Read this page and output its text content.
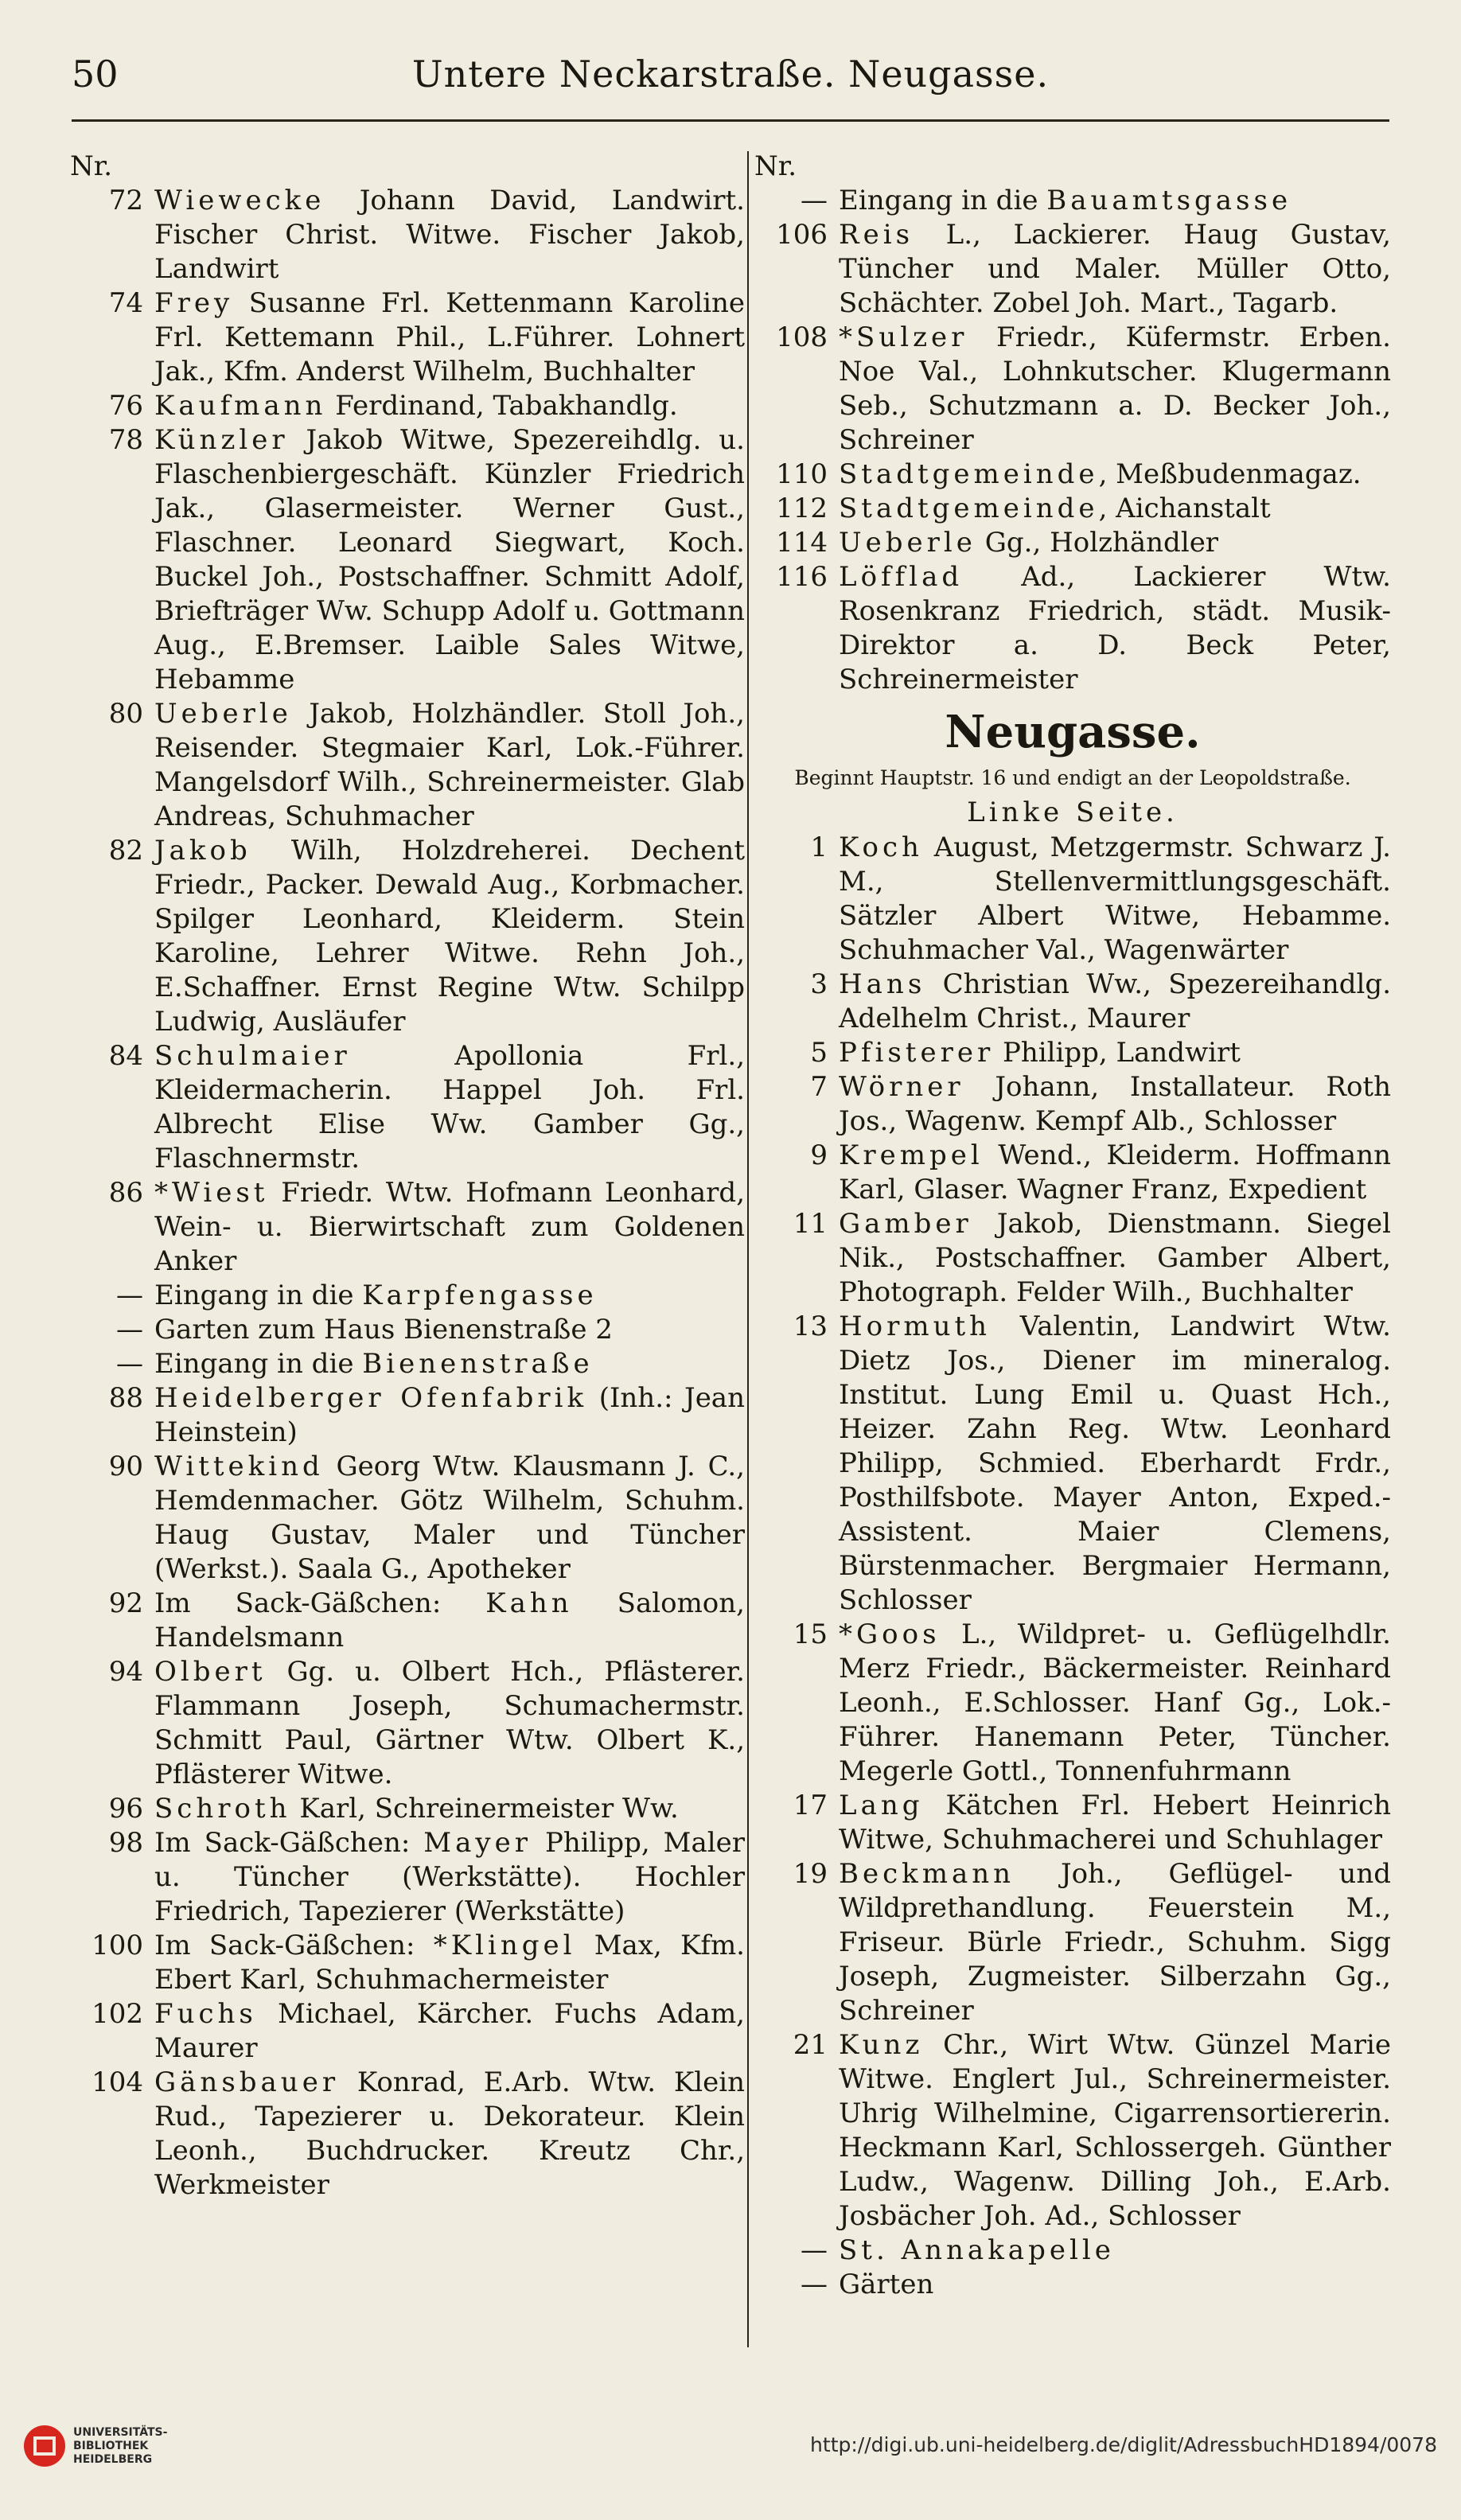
50	Untere Neckarstraße. Neugasse.
Nr.
72 Wiewecke Johann David, Landwirt. Fischer Christ. Witwe. Fischer Jakob, Landwirt
74 Frey Susanne Frl. Kettenmann Karoline Frl. Kettemann Phil., L.Führer. Lohnert Jak., Kfm. Anderst Wilhelm, Buchhalter
76 Kaufmann Ferdinand, Tabakhandlg.
78 Künzler Jakob Witwe, Spezereihdlg. u. Flaschenbiergeschäft. Künzler Friedrich Jak., Glasermeister. Werner Gust., Flaschner. Leonard Siegwart, Koch. Buckel Joh., Postschaffner. Schmitt Adolf, Briefträger Ww. Schupp Adolf u. Gottmann Aug., E.Bremser. Laible Sales Witwe, Hebamme
80 Ueberle Jakob, Holzhändler. Stoll Joh., Reisender. Stegmaier Karl, Lok.-Führer. Mangelsdorf Wilh., Schreinermeister. Glab Andreas, Schuhmacher
82 Jakob Wilh, Holzdreherei. Dechent Friedr., Packer. Dewald Aug., Korbmacher. Spilger Leonhard, Kleiderm. Stein Karoline, Lehrer Witwe. Rehn Joh., E.Schaffner. Ernst Regine Wtw. Schilpp Ludwig, Ausläufer
84 Schulmaier Apollonia Frl., Kleidermacherin. Happel Joh. Frl. Albrecht Elise Ww. Gamber Gg., Flaschnermstr.
86 *Wiest Friedr. Wtw. Hofmann Leonhard, Wein- u. Bierwirtschaft zum Goldenen Anker
— Eingang in die Karpfengasse
— Garten zum Haus Bienenstraße 2
— Eingang in die Bienenstraße
88 Heidelberger Ofenfabrik (Inh.: Jean Heinstein)
90 Wittekind Georg Wtw. Klausmann J. C., Hemdenmacher. Götz Wilhelm, Schuhm. Haug Gustav, Maler und Tüncher (Werkst.). Saala G., Apotheker
92 Im Sack-Gäßchen: Kahn Salomon, Handelsmann
94 Olbert Gg. u. Olbert Hch., Pflästerer. Flammann Joseph, Schumachermstr. Schmitt Paul, Gärtner Wtw. Olbert K., Pflästerer Witwe.
96 Schroth Karl, Schreinermeister Ww.
98 Im Sack-Gäßchen: Mayer Philipp, Maler u. Tüncher (Werkstätte). Hochler Friedrich, Tapezierer (Werkstätte)
100 Im Sack-Gäßchen: *Klingel Max, Kfm. Ebert Karl, Schuhmachermeister
102 Fuchs Michael, Kärcher. Fuchs Adam, Maurer
104 Gänsbauer Konrad, E.Arb. Wtw. Klein Rud., Tapezierer u. Dekorateur. Klein Leonh., Buchdrucker. Kreutz Chr., Werkmeister
Nr.
— Eingang in die Bauamtsgasse
106 Reis L., Lackierer. Haug Gustav, Tüncher und Maler. Müller Otto, Schächter. Zobel Joh. Mart., Tagarb.
108 *Sulzer Friedr., Küfermstr. Erben. Noe Val., Lohnkutscher. Klugermann Seb., Schutzmann a. D. Becker Joh., Schreiner
110 Stadtgemeinde, Meßbudenmagaz.
112 Stadtgemeinde, Aichanstalt
114 Ueberle Gg., Holzhändler
116 Löfflad Ad., Lackierer Wtw. Rosenkranz Friedrich, städt. Musik-Direktor a. D. Beck Peter, Schreinermeister
Neugasse.
Beginnt Hauptstr. 16 und endigt an der Leopoldstraße.
Linke Seite.
1 Koch August, Metzgermstr. Schwarz J. M., Stellenvermittlungsgeschäft. Sätzler Albert Witwe, Hebamme. Schuhmacher Val., Wagenwärter
3 Hans Christian Ww., Spezereihandlg. Adelhelm Christ., Maurer
5 Pfisterer Philipp, Landwirt
7 Wörner Johann, Installateur. Roth Jos., Wagenw. Kempf Alb., Schlosser
9 Krempel Wend., Kleiderm. Hoffmann Karl, Glaser. Wagner Franz, Expedient
11 Gamber Jakob, Dienstmann. Siegel Nik., Postschaffner. Gamber Albert, Photograph. Felder Wilh., Buchhalter
13 Hormuth Valentin, Landwirt Wtw. Dietz Jos., Diener im mineralog. Institut. Lung Emil u. Quast Hch., Heizer. Zahn Reg. Wtw. Leonhard Philipp, Schmied. Eberhardt Frdr., Posthilfsbote. Mayer Anton, Exped.-Assistent. Maier Clemens, Bürstenmacher. Bergmaier Hermann, Schlosser
15 *Goos L., Wildpret- u. Geflügelhdlr. Merz Friedr., Bäckermeister. Reinhard Leonh., E.Schlosser. Hanf Gg., Lok.-Führer. Hanemann Peter, Tüncher. Megerle Gottl., Tonnenfuhrmann
17 Lang Kätchen Frl. Hebert Heinrich Witwe, Schuhmacherei und Schuhlager
19 Beckmann Joh., Geflügel- und Wildprethandlung. Feuerstein M., Friseur. Bürle Friedr., Schuhm. Sigg Joseph, Zugmeister. Silberzahn Gg., Schreiner
21 Kunz Chr., Wirt Wtw. Günzel Marie Witwe. Englert Jul., Schreinermeister. Uhrig Wilhelmine, Cigarrensortiererin. Heckmann Karl, Schlossergeh. Günther Ludw., Wagenw. Dilling Joh., E.Arb. Josbächer Joh. Ad., Schlosser
— St. Annakapelle
— Gärten
UNIVERSITÄTS-
BIBLIOTHEK
HEIDELBERG
http://digi.ub.uni-heidelberg.de/diglit/AdressbuchHD1894/0078
